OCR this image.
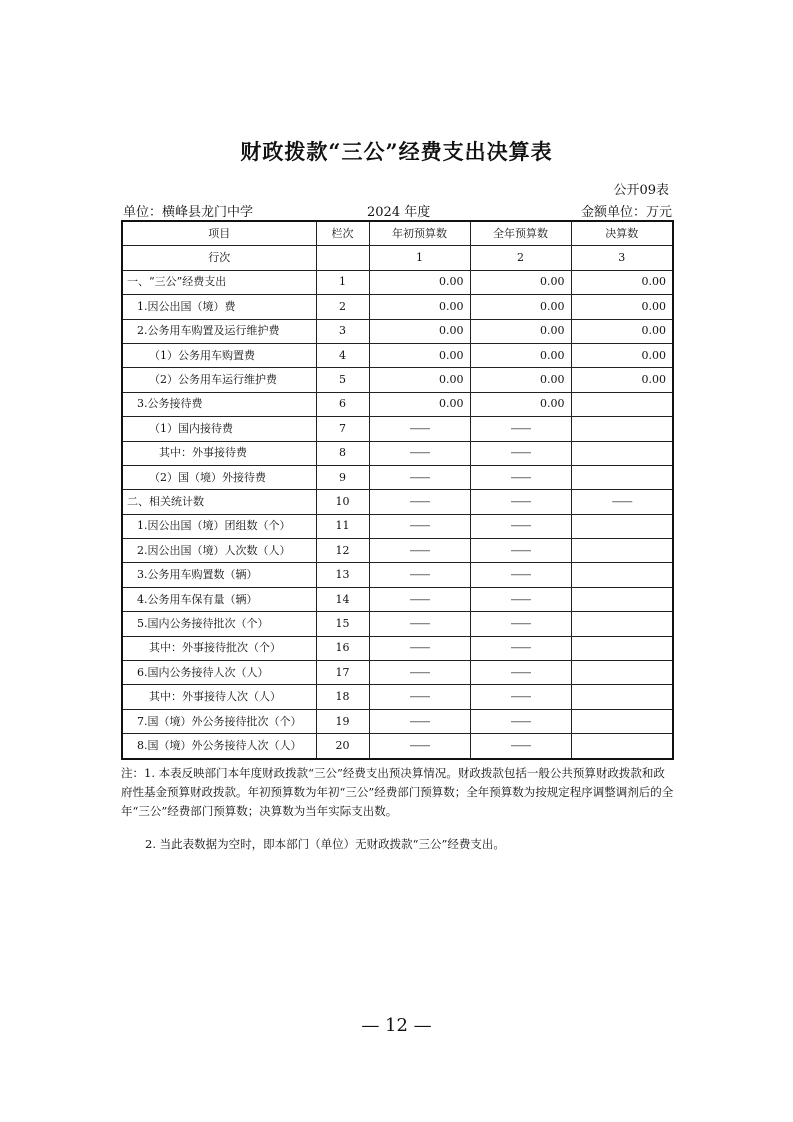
财政拨款“三公”经费支出决算表
公开09表
单位：横峰县龙门中学	2024 年度	金额单位：万元
项目	栏次	年初预算数	全年预算数	决算数
行次		1	2	3
一、“三公”经费支出	1	0.00	0.00	0.00
1.因公出国（境）费	2	0.00	0.00	0.00
2.公务用车购置及运行维护费	3	0.00	0.00	0.00
（1）公务用车购置费	4	0.00	0.00	0.00
（2）公务用车运行维护费	5	0.00	0.00	0.00
3.公务接待费	6	0.00	0.00	
（1）国内接待费	7	——	——	
其中：外事接待费	8	——	——	
（2）国（境）外接待费	9	——	——	
二、相关统计数	10	——	——	——
1.因公出国（境）团组数（个）	11	——	——	
2.因公出国（境）人次数（人）	12	——	——	
3.公务用车购置数（辆）	13	——	——	
4.公务用车保有量（辆）	14	——	——	
5.国内公务接待批次（个）	15	——	——	
其中：外事接待批次（个）	16	——	——	
6.国内公务接待人次（人）	17	——	——	
其中：外事接待人次（人）	18	——	——	
7.国（境）外公务接待批次（个）	19	——	——	
8.国（境）外公务接待人次（人）	20	——	——	

注：1. 本表反映部门本年度财政拨款“三公”经费支出预决算情况。财政拨款包括一般公共预算财政拨款和政府性基金预算财政拨款。年初预算数为年初“三公”经费部门预算数；全年预算数为按规定程序调整调剂后的全年“三公”经费部门预算数；决算数为当年实际支出数。

2. 当此表数据为空时，即本部门（单位）无财政拨款“三公”经费支出。

— 12 —
